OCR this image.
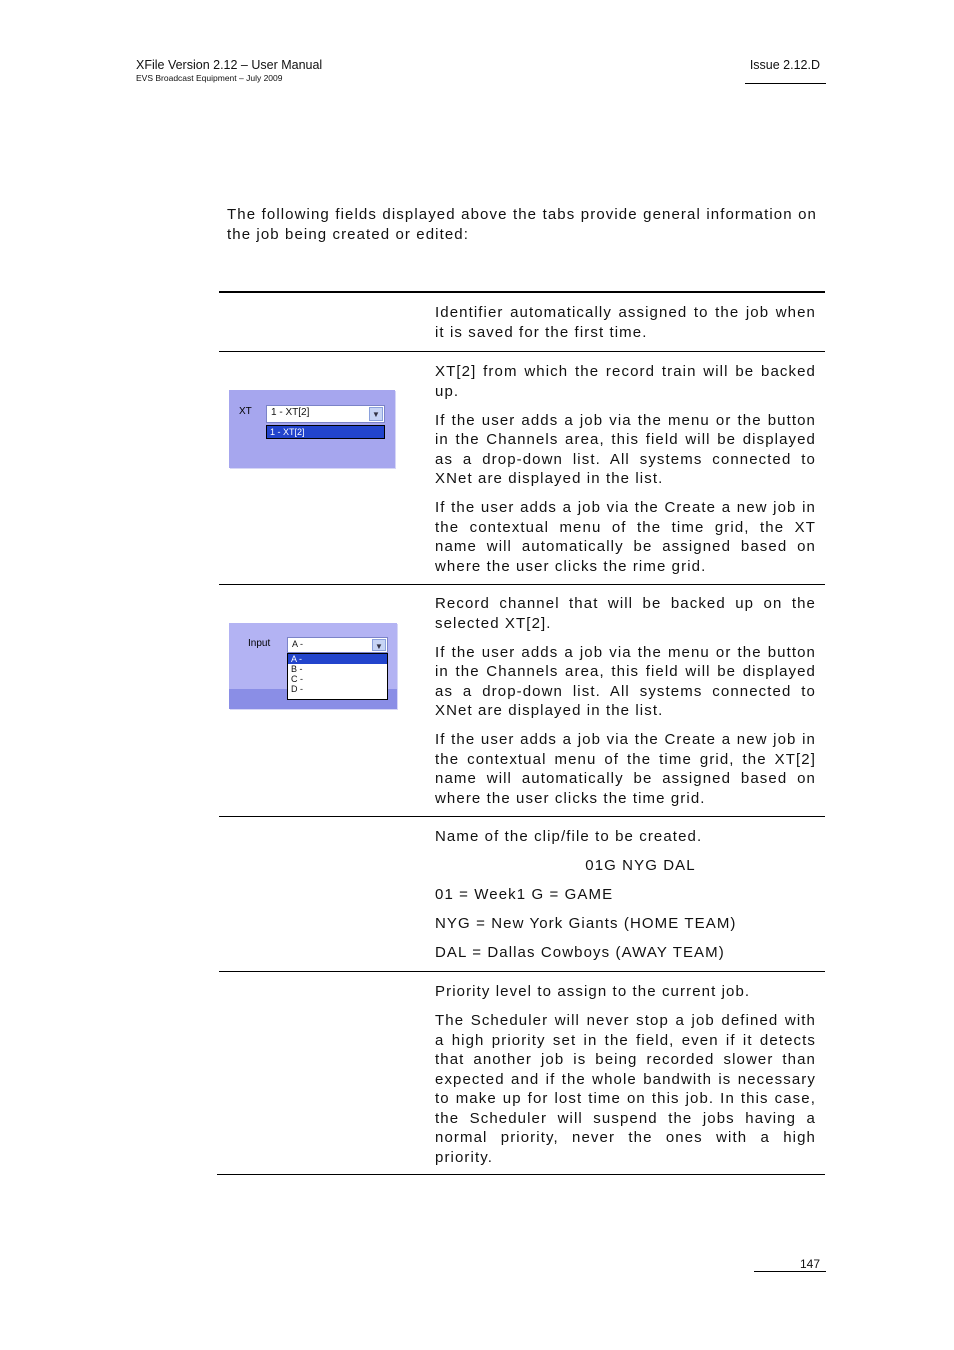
XFile Version 2.12 – User Manual
EVS Broadcast Equipment – July 2009
Issue 2.12.D
The following fields displayed above the tabs provide general information on the job being created or edited:

Identifier automatically assigned to the job when it is saved for the first time.

XT 1 - XT[2]	▼
1 - XT[2]

XT[2] from which the record train will be backed up.

If the user adds a job via the menu or the button in the Channels area, this field will be displayed as a drop-down list. All systems connected to XNet are displayed in the list.

If the user adds a job via the Create a new job in the contextual menu of the time grid, the XT name will automatically be assigned based on where the user clicks the rime grid.

Input A -	▼
A -
B -
C -
D -

Record channel that will be backed up on the selected XT[2].

If the user adds a job via the menu or the button in the Channels area, this field will be displayed as a drop-down list. All systems connected to XNet are displayed in the list.

If the user adds a job via the Create a new job in the contextual menu of the time grid, the XT[2] name will automatically be assigned based on where the user clicks the time grid.

Name of the clip/file to be created.

01G NYG DAL

01 = Week1 G = GAME

NYG = New York Giants (HOME TEAM)

DAL = Dallas Cowboys (AWAY TEAM)

Priority level to assign to the current job.

The Scheduler will never stop a job defined with a high priority set in the field, even if it detects that another job is being recorded slower than expected and if the whole bandwith is necessary to make up for lost time on this job. In this case, the Scheduler will suspend the jobs having a normal priority, never the ones with a high priority.

147
